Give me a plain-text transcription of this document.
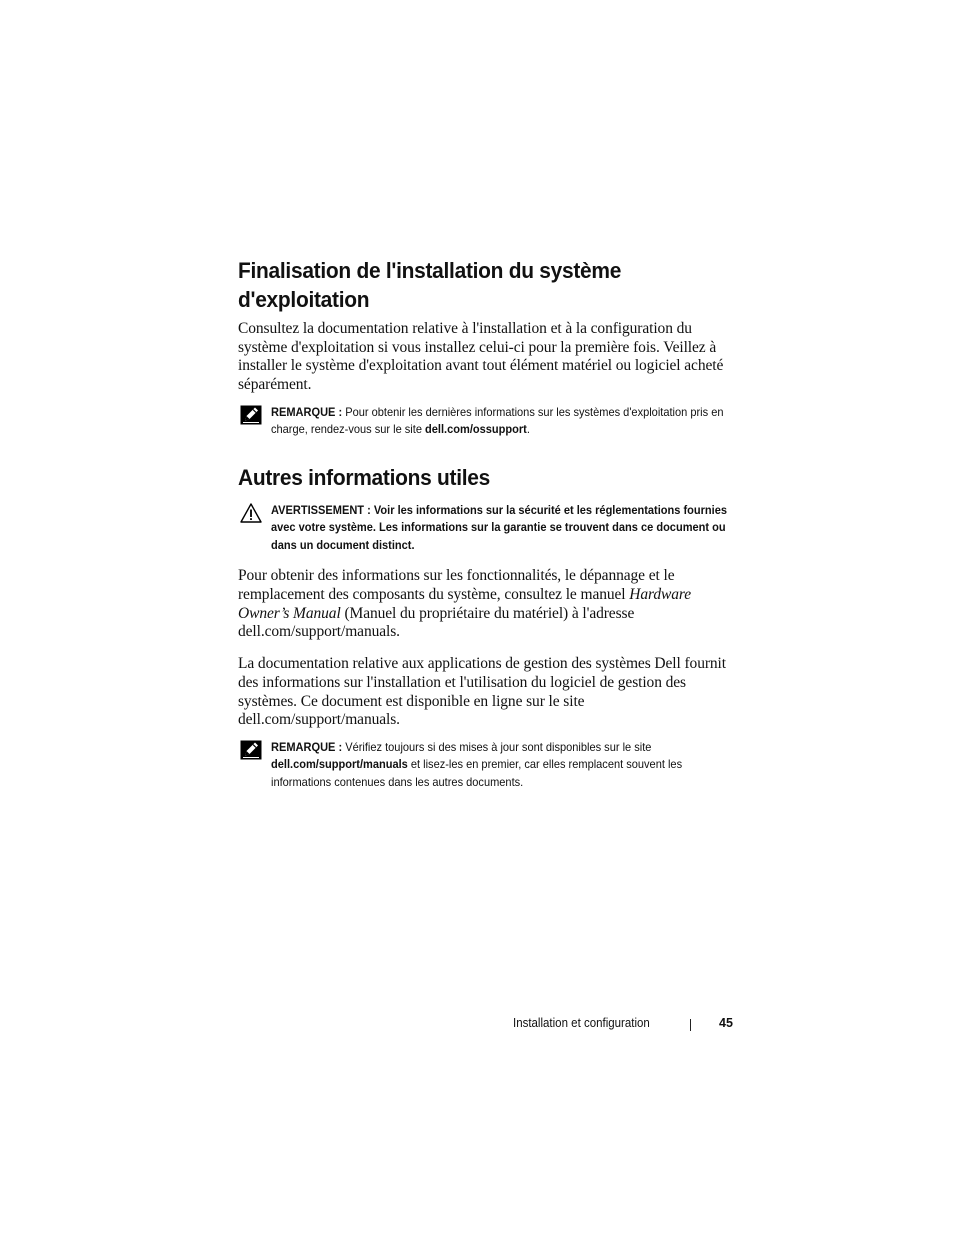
Finalisation de l'installation du système
d'exploitation

Consultez la documentation relative à l'installation et à la configuration du système d'exploitation si vous installez celui-ci pour la première fois. Veillez à installer le système d'exploitation avant tout élément matériel ou logiciel acheté séparément.

REMARQUE : Pour obtenir les dernières informations sur les systèmes d'exploitation pris en charge, rendez-vous sur le site dell.com/ossupport.
Autres informations utiles
AVERTISSEMENT : Voir les informations sur la sécurité et les réglementations fournies avec votre système. Les informations sur la garantie se trouvent dans ce document ou dans un document distinct.

Pour obtenir des informations sur les fonctionnalités, le dépannage et le remplacement des composants du système, consultez le manuel Hardware Owner’s Manual (Manuel du propriétaire du matériel) à l'adresse
dell.com/support/manuals.

La documentation relative aux applications de gestion des systèmes Dell fournit des informations sur l'installation et l'utilisation du logiciel de gestion des systèmes. Ce document est disponible en ligne sur le site
dell.com/support/manuals.

REMARQUE : Vérifiez toujours si des mises à jour sont disponibles sur le site
dell.com/support/manuals et lisez-les en premier, car elles remplacent souvent les informations contenues dans les autres documents.
Installation et configuration	45
